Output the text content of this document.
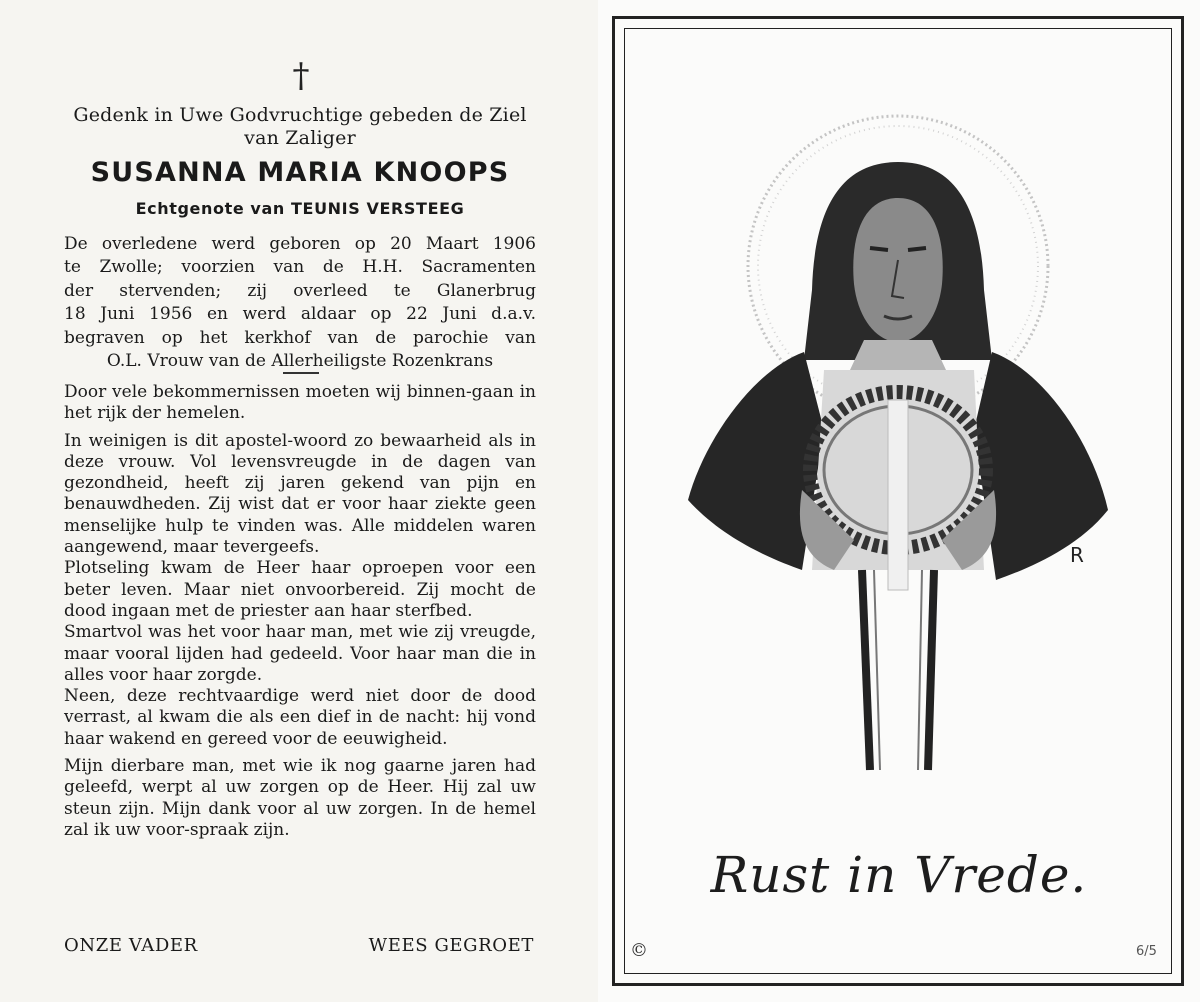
†
Gedenk in Uwe Godvruchtige gebeden de Ziel
van Zaliger
SUSANNA MARIA KNOOPS
Echtgenote van TEUNIS VERSTEEG
De overledene werd geboren op 20 Maart 1906
te Zwolle; voorzien van de H.H. Sacramenten
der stervenden; zij overleed te Glanerbrug
18 Juni 1956 en werd aldaar op 22 Juni d.a.v.
begraven op het kerkhof van de parochie van
O.L. Vrouw van de Allerheiligste Rozenkrans

Door vele bekommernissen moeten wij binnen-gaan in het rijk der hemelen.

In weinigen is dit apostel-woord zo bewaarheid als in deze vrouw. Vol levensvreugde in de dagen van gezondheid, heeft zij jaren gekend van pijn en benauwdheden. Zij wist dat er voor haar ziekte geen menselijke hulp te vinden was. Alle middelen waren aangewend, maar tevergeefs.

Plotseling kwam de Heer haar oproepen voor een beter leven. Maar niet onvoorbereid. Zij mocht de dood ingaan met de priester aan haar sterfbed.

Smartvol was het voor haar man, met wie zij vreugde, maar vooral lijden had gedeeld. Voor haar man die in alles voor haar zorgde.

Neen, deze rechtvaardige werd niet door de dood verrast, al kwam die als een dief in de nacht: hij vond haar wakend en gereed voor de eeuwigheid.

Mijn dierbare man, met wie ik nog gaarne jaren had geleefd, werpt al uw zorgen op de Heer. Hij zal uw steun zijn. Mijn dank voor al uw zorgen. In de hemel zal ik uw voor-spraak zijn.

ONZE VADER	WEES GEGROET
R
Rust in Vrede.
©	6/5
